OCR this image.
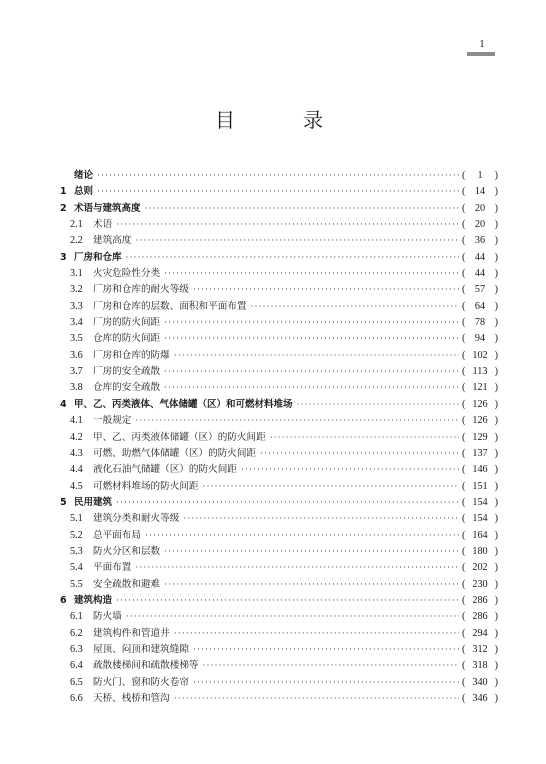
1
目　录
绪论 ·····	(	1	)
1 总则 ·····	( 14 )
2 术语与建筑高度 ·····	( 20 )
2.1	术语 ·····	( 20 )
2.2	建筑高度 ·····	( 36 )
3 厂房和仓库 ·····	( 44 )
3.1	火灾危险性分类 ·····	( 44 )
3.2	厂房和仓库的耐火等级 ·····	( 57 )
3.3	厂房和仓库的层数、面积和平面布置 ·····	( 64 )
3.4	厂房的防火间距 ·····	( 78 )
3.5	仓库的防火间距 ·····	( 94 )
3.6	厂房和仓库的防爆 ·····	( 102 )
3.7	厂房的安全疏散 ·····	( 113 )
3.8	仓库的安全疏散 ·····	( 121 )
4 甲、乙、丙类液体、气体储罐（区）和可燃材料堆场 ·····	( 126 )
4.1	一般规定 ·····	( 126 )
4.2	甲、乙、丙类液体储罐（区）的防火间距 ·····	( 129 )
4.3	可燃、助燃气体储罐（区）的防火间距 ·····	( 137 )
4.4	液化石油气储罐（区）的防火间距 ·····	( 146 )
4.5	可燃材料堆场的防火间距 ·····	( 151 )
5 民用建筑 ·····	( 154 )
5.1	建筑分类和耐火等级 ·····	( 154 )
5.2	总平面布局 ·····	( 164 )
5.3	防火分区和层数 ·····	( 180 )
5.4	平面布置 ·····	( 202 )
5.5	安全疏散和避难 ·····	( 230 )
6 建筑构造 ·····	( 286 )
6.1	防火墙 ·····	( 286 )
6.2	建筑构件和管道井 ·····	( 294 )
6.3	屋顶、闷顶和建筑缝隙 ·····	( 312 )
6.4	疏散楼梯间和疏散楼梯等 ·····	( 318 )
6.5	防火门、窗和防火卷帘 ·····	( 340 )
6.6	天桥、栈桥和管沟 ·····	( 346 )
